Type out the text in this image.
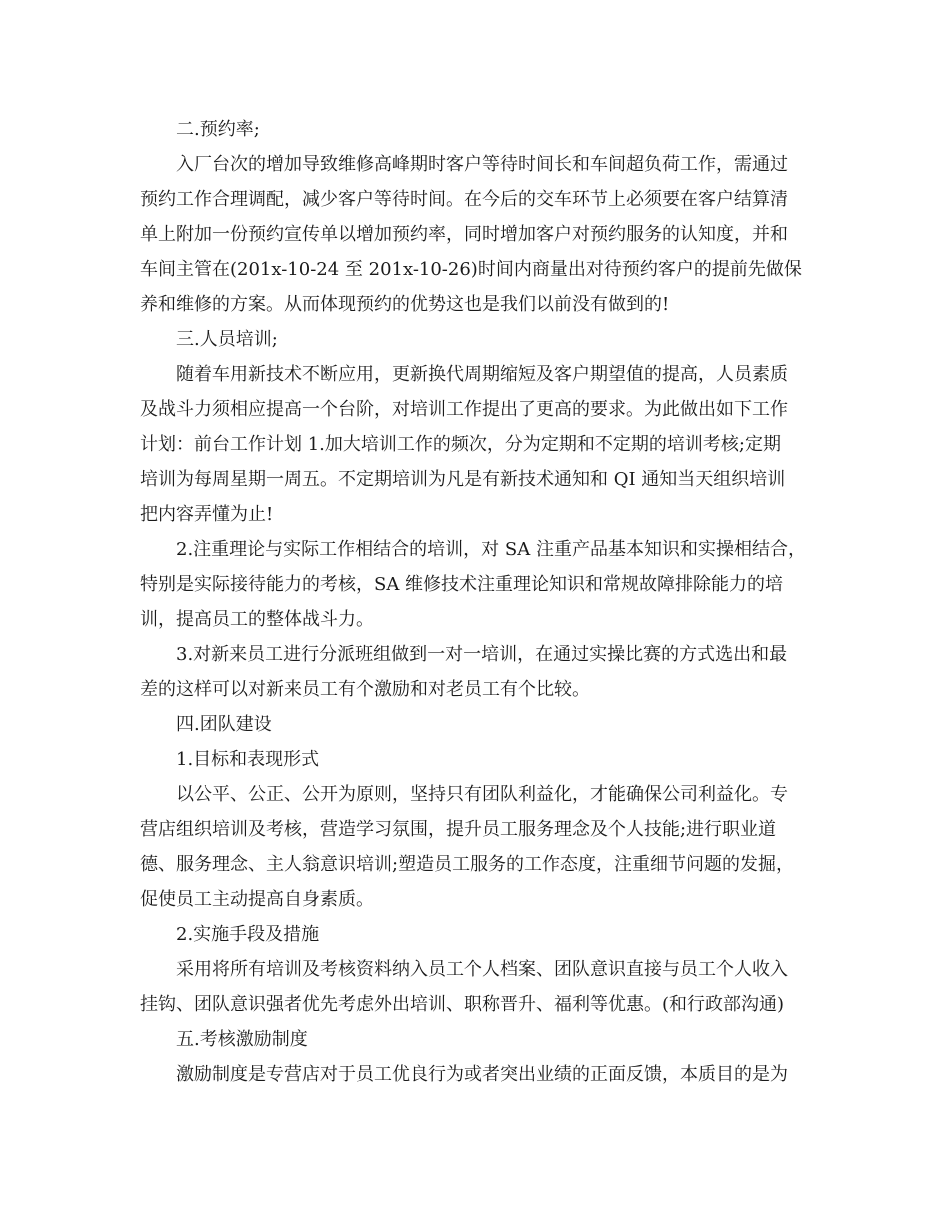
二.预约率;
入厂台次的增加导致维修高峰期时客户等待时间长和车间超负荷工作，需通过
预约工作合理调配，减少客户等待时间。在今后的交车环节上必须要在客户结算清
单上附加一份预约宣传单以增加预约率，同时增加客户对预约服务的认知度，并和
车间主管在(201x-10-24 至 201x-10-26)时间内商量出对待预约客户的提前先做保
养和维修的方案。从而体现预约的优势这也是我们以前没有做到的!
三.人员培训;
随着车用新技术不断应用，更新换代周期缩短及客户期望值的提高，人员素质
及战斗力须相应提高一个台阶，对培训工作提出了更高的要求。为此做出如下工作
计划：前台工作计划 1.加大培训工作的频次，分为定期和不定期的培训考核;定期
培训为每周星期一周五。不定期培训为凡是有新技术通知和 QI 通知当天组织培训
把内容弄懂为止!
2.注重理论与实际工作相结合的培训，对 SA 注重产品基本知识和实操相结合，
特别是实际接待能力的考核，SA 维修技术注重理论知识和常规故障排除能力的培
训，提高员工的整体战斗力。
3.对新来员工进行分派班组做到一对一培训，在通过实操比赛的方式选出和最
差的这样可以对新来员工有个激励和对老员工有个比较。
四.团队建设
1.目标和表现形式
以公平、公正、公开为原则，坚持只有团队利益化，才能确保公司利益化。专
营店组织培训及考核，营造学习氛围，提升员工服务理念及个人技能;进行职业道
德、服务理念、主人翁意识培训;塑造员工服务的工作态度，注重细节问题的发掘，
促使员工主动提高自身素质。
2.实施手段及措施
采用将所有培训及考核资料纳入员工个人档案、团队意识直接与员工个人收入
挂钩、团队意识强者优先考虑外出培训、职称晋升、福利等优惠。(和行政部沟通)
五.考核激励制度
激励制度是专营店对于员工优良行为或者突出业绩的正面反馈，本质目的是为
